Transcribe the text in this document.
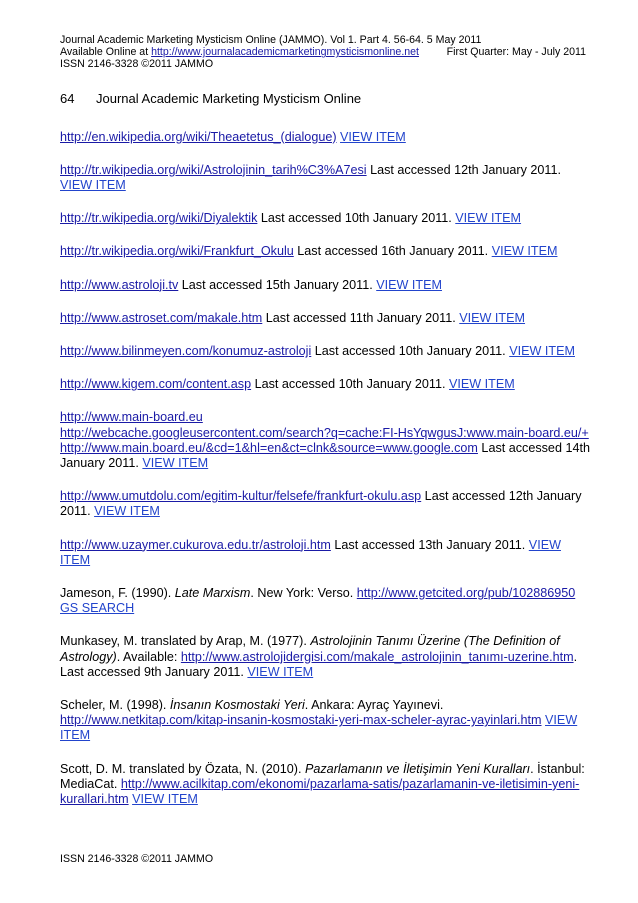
Journal Academic Marketing Mysticism Online (JAMMO). Vol 1. Part 4. 56-64. 5 May 2011
Available Online at http://www.journalacademicmarketingmysticismonline.net	First Quarter: May - July 2011
ISSN 2146-3328 ©2011 JAMMO
64	Journal Academic Marketing Mysticism Online
http://en.wikipedia.org/wiki/Theaetetus_(dialogue) VIEW ITEM
http://tr.wikipedia.org/wiki/Astrolojinin_tarih%C3%A7esi Last accessed 12th January 2011. VIEW ITEM
http://tr.wikipedia.org/wiki/Diyalektik Last accessed 10th January 2011. VIEW ITEM
http://tr.wikipedia.org/wiki/Frankfurt_Okulu Last accessed 16th January 2011. VIEW ITEM
http://www.astroloji.tv Last accessed 15th January 2011. VIEW ITEM
http://www.astroset.com/makale.htm Last accessed 11th January 2011. VIEW ITEM
http://www.bilinmeyen.com/konumuz-astroloji Last accessed 10th January 2011. VIEW ITEM
http://www.kigem.com/content.asp Last accessed 10th January 2011. VIEW ITEM
http://www.main-board.eu
http://webcache.googleusercontent.com/search?q=cache:FI-HsYqwgusJ:www.main-board.eu/+http://www.main.board.eu/&cd=1&hl=en&ct=clnk&source=www.google.com Last accessed 14th January 2011. VIEW ITEM
http://www.umutdolu.com/egitim-kultur/felsefe/frankfurt-okulu.asp Last accessed 12th January 2011. VIEW ITEM
http://www.uzaymer.cukurova.edu.tr/astroloji.htm Last accessed 13th January 2011. VIEW ITEM
Jameson, F. (1990). Late Marxism. New York: Verso. http://www.getcited.org/pub/102886950
GS SEARCH
Munkasey, M. translated by Arap, M. (1977). Astrolojinin Tanımı Üzerine (The Definition of Astrology). Available: http://www.astrolojidergisi.com/makale_astrolojinin_tanımı-uzerine.htm. Last accessed 9th January 2011. VIEW ITEM
Scheler, M. (1998). İnsanın Kosmostaki Yeri. Ankara: Ayraç Yayınevi.
http://www.netkitap.com/kitap-insanin-kosmostaki-yeri-max-scheler-ayrac-yayinlari.htm VIEW ITEM
Scott, D. M. translated by Özata, N. (2010). Pazarlamanın ve İletişimin Yeni Kuralları. İstanbul: MediaCat. http://www.acilkitap.com/ekonomi/pazarlama-satis/pazarlamanin-ve-iletisimin-yeni-kurallari.htm VIEW ITEM
ISSN 2146-3328 ©2011 JAMMO
